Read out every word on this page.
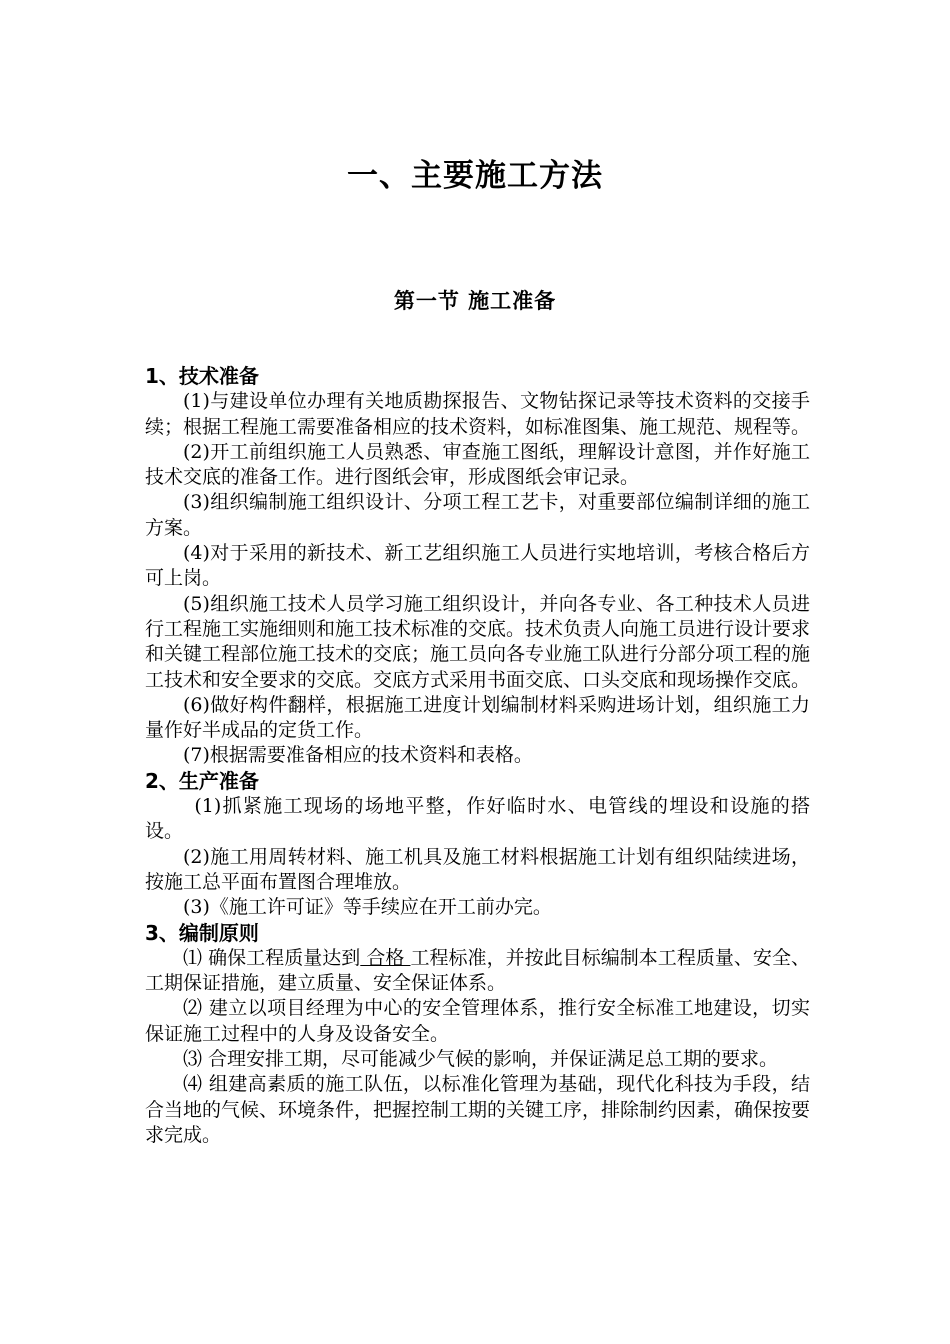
一、主要施工方法
第一节 施工准备

1、技术准备

(1)与建设单位办理有关地质勘探报告、文物钻探记录等技术资料的交接手续；根据工程施工需要准备相应的技术资料，如标准图集、施工规范、规程等。

(2)开工前组织施工人员熟悉、审查施工图纸，理解设计意图，并作好施工技术交底的准备工作。进行图纸会审，形成图纸会审记录。

(3)组织编制施工组织设计、分项工程工艺卡，对重要部位编制详细的施工方案。

(4)对于采用的新技术、新工艺组织施工人员进行实地培训，考核合格后方可上岗。

(5)组织施工技术人员学习施工组织设计，并向各专业、各工种技术人员进行工程施工实施细则和施工技术标准的交底。技术负责人向施工员进行设计要求和关键工程部位施工技术的交底；施工员向各专业施工队进行分部分项工程的施工技术和安全要求的交底。交底方式采用书面交底、口头交底和现场操作交底。

(6)做好构件翻样，根据施工进度计划编制材料采购进场计划，组织施工力量作好半成品的定货工作。

(7)根据需要准备相应的技术资料和表格。

2、生产准备

(1)抓紧施工现场的场地平整，作好临时水、电管线的埋设和设施的搭设。

(2)施工用周转材料、施工机具及施工材料根据施工计划有组织陆续进场，按施工总平面布置图合理堆放。

(3)《施工许可证》等手续应在开工前办完。

3、编制原则

⑴ 确保工程质量达到 合格 工程标准，并按此目标编制本工程质量、安全、工期保证措施，建立质量、安全保证体系。

⑵ 建立以项目经理为中心的安全管理体系，推行安全标准工地建设，切实保证施工过程中的人身及设备安全。

⑶ 合理安排工期，尽可能减少气候的影响，并保证满足总工期的要求。

⑷ 组建高素质的施工队伍，以标准化管理为基础，现代化科技为手段，结合当地的气候、环境条件，把握控制工期的关键工序，排除制约因素，确保按要求完成。
